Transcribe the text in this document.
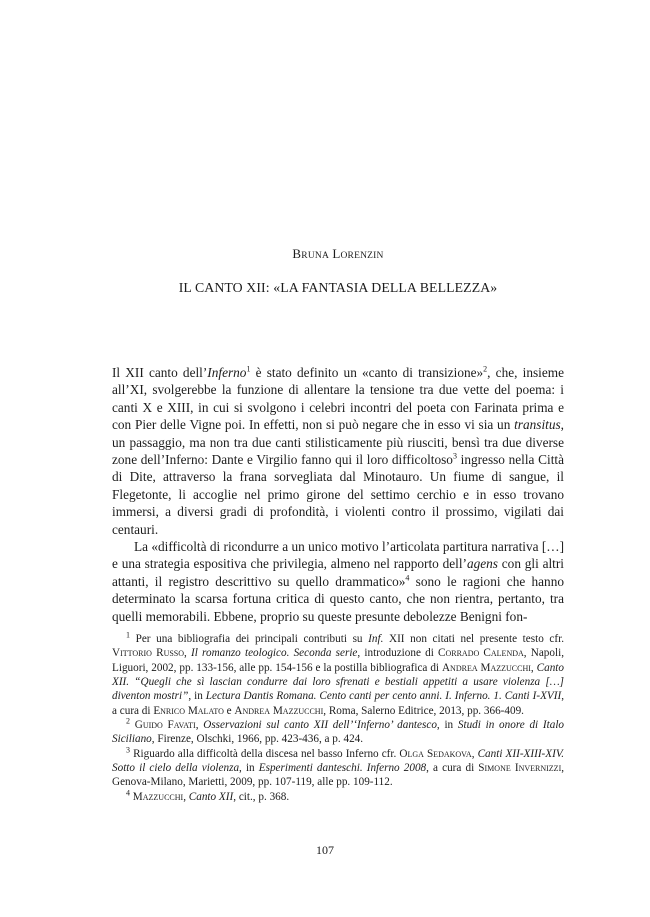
BRUNA LORENZIN
IL CANTO XII: «LA FANTASIA DELLA BELLEZZA»

Il XII canto dell’Inferno$^1$ è stato definito un «canto di transizione»$^2$, che, insieme all’XI, svolgerebbe la funzione di allentare la tensione tra due vette del poema: i canti X e XIII, in cui si svolgono i celebri incontri del poeta con Farinata prima e con Pier delle Vigne poi. In effetti, non si può negare che in esso vi sia un transitus, un passaggio, ma non tra due canti stilisticamente più riusciti, bensì tra due diverse zone dell’Inferno: Dante e Virgilio fanno qui il loro difficoltoso$^3$ ingresso nella Città di Dite, attraverso la frana sorvegliata dal Minotauro. Un fiume di sangue, il Flegetonte, li accoglie nel primo girone del settimo cerchio e in esso trovano immersi, a diversi gradi di profondità, i violenti contro il prossimo, vigilati dai centauri.

La «difficoltà di ricondurre a un unico motivo l’articolata partitura narrativa […] e una strategia espositiva che privilegia, almeno nel rapporto dell’agens con gli altri attanti, il registro descrittivo su quello drammatico»$^4$ sono le ragioni che hanno determinato la scarsa fortuna critica di questo canto, che non rientra, pertanto, tra quelli memorabili. Ebbene, proprio su queste presunte debolezze Benigni fon-

$^1$ Per una bibliografia dei principali contributi su Inf. XII non citati nel presente testo cfr. Vittorio Russo, Il romanzo teologico. Seconda serie, introduzione di Corrado Calenda, Napoli, Liguori, 2002, pp. 133-156, alle pp. 154-156 e la postilla bibliografica di Andrea Mazzucchi, Canto XII. “Quegli che sì lascian condurre dai loro sfrenati e bestiali appetiti a usare violenza […] diventon mostri”, in Lectura Dantis Romana. Cento canti per cento anni. I. Inferno. 1. Canti I-XVII, a cura di Enrico Malato e Andrea Mazzucchi, Roma, Salerno Editrice, 2013, pp. 366-409.

$^2$ Guido Favati, Osservazioni sul canto XII dell’‘Inferno’ dantesco, in Studi in onore di Italo Siciliano, Firenze, Olschki, 1966, pp. 423-436, a p. 424.

$^3$ Riguardo alla difficoltà della discesa nel basso Inferno cfr. Olga Sedakova, Canti XII-XIII-XIV. Sotto il cielo della violenza, in Esperimenti danteschi. Inferno 2008, a cura di Simone Invernizzi, Genova-Milano, Marietti, 2009, pp. 107-119, alle pp. 109-112.

$^4$ Mazzucchi, Canto XII, cit., p. 368.

107
